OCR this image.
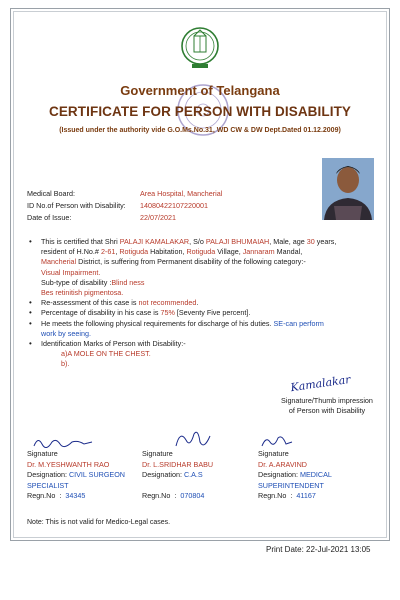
Government of Telangana
CERTIFICATE FOR PERSON WITH DISABILITY
(Issued under the authority vide G.O.Ms.No.31, WD CW & DW Dept.Dated 01.12.2009)
Medical Board:	Area Hospital, Mancherial
ID No.of Person with Disability: 14080422107220001
Date of Issue:	22/07/2021
• This is certified that Shri PALAJI KAMALAKAR, S/o PALAJI BHUMAIAH, Male, age 30 years,
resident of H.No.# 2-61, Rotiguda Habitation, Rotiguda Village, Jannaram Mandal,
Mancherial District, is suffering from Permanent disability of the following category:-
Visual Impairment.
Sub-type of disability :Blind ness
Bes retinitish pigmentosa.
• Re-assessment of this case is not recommended.
• Percentage of disability in his case is 75% [Seventy Five percent].
• He meets the following physical requirements for discharge of his duties. SE-can perform
work by seeing.
• Identification Marks of Person with Disability:-
a)A MOLE ON THE CHEST.
b).
Kamalakar
Signature/Thumb impression
of Person with Disability
Signature
Dr. M.YESHWANTH RAO
Designation: CIVIL SURGEON
SPECIALIST
Regn.No  :  34345
Signature
Dr. L.SRIDHAR BABU
Designation: C.A.S

Regn.No  :  070804
Signature
Dr. A.ARAVIND
Designation: MEDICAL
SUPERINTENDENT
Regn.No  :  41167
Note: This is not valid for Medico-Legal cases.
Print Date: 22-Jul-2021 13:05
